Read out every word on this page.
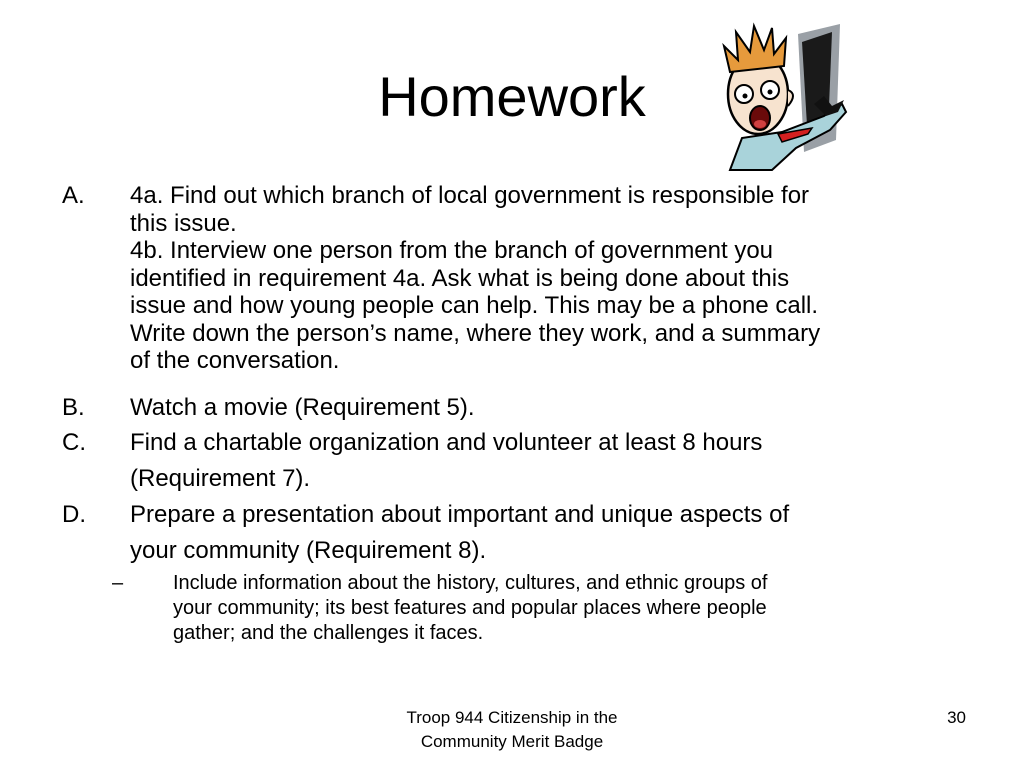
Homework
A. 4a. Find out which branch of local government is responsible for
this issue.
4b. Interview one person from the branch of government you
identified in requirement 4a. Ask what is being done about this
issue and how young people can help. This may be a phone call.
Write down the person’s name, where they work, and a summary
of the conversation.
B. Watch a movie (Requirement 5).
C. Find a chartable organization and volunteer at least 8 hours
(Requirement 7).
D. Prepare a presentation about important and unique aspects of
your community (Requirement 8).
– Include information about the history, cultures, and ethnic groups of
your community; its best features and popular places where people
gather; and the challenges it faces.
Troop 944 Citizenship in the
Community Merit Badge
30
